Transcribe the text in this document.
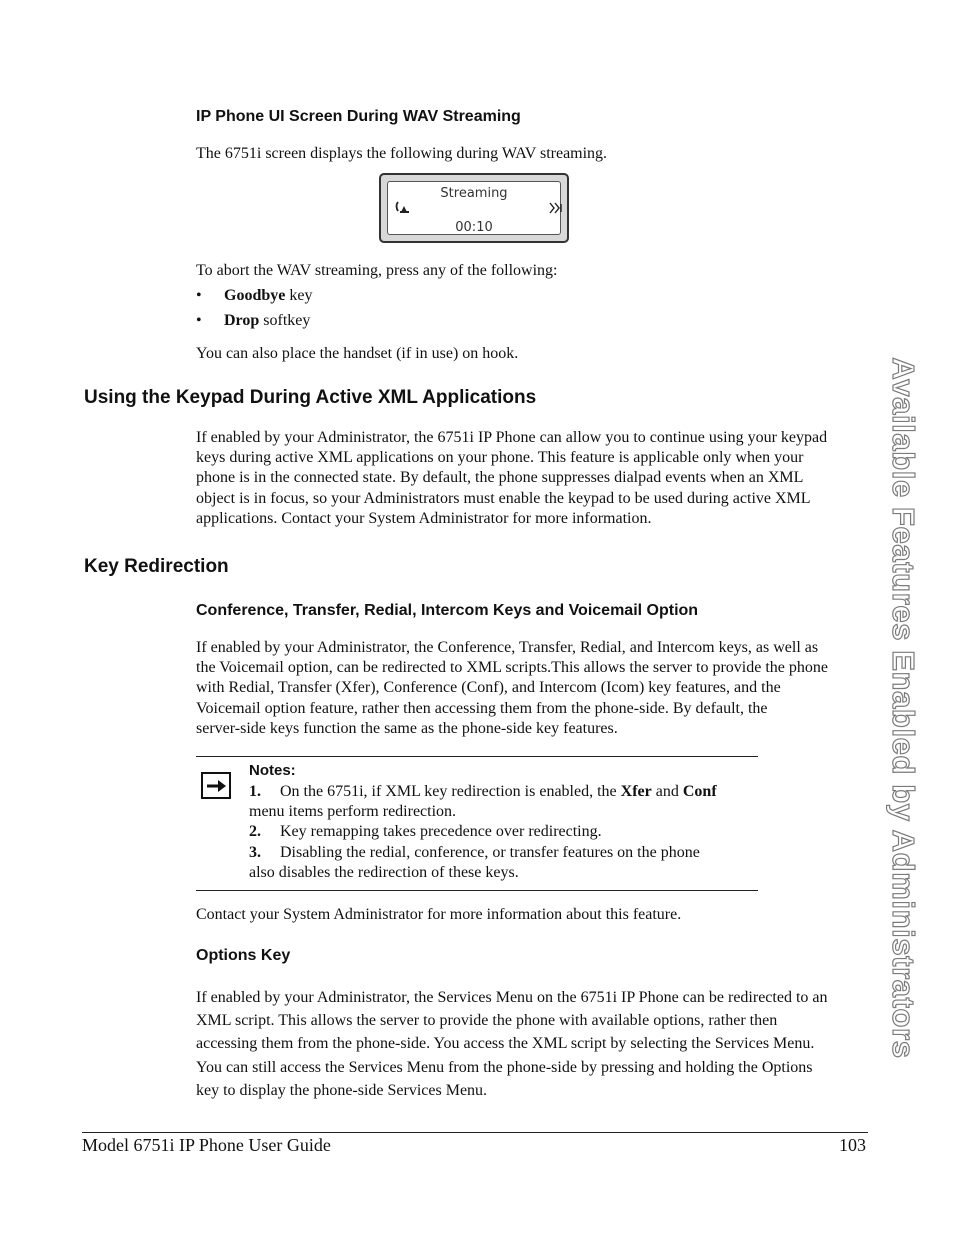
IP Phone UI Screen During WAV Streaming
The 6751i screen displays the following during WAV streaming.
Streaming
00:10
To abort the WAV streaming, press any of the following:
• Goodbye key
• Drop softkey
You can also place the handset (if in use) on hook.
Using the Keypad During Active XML Applications
If enabled by your Administrator, the 6751i IP Phone can allow you to continue using your keypad
keys during active XML applications on your phone. This feature is applicable only when your
phone is in the connected state. By default, the phone suppresses dialpad events when an XML
object is in focus, so your Administrators must enable the keypad to be used during active XML
applications. Contact your System Administrator for more information.
Key Redirection
Conference, Transfer, Redial, Intercom Keys and Voicemail Option
If enabled by your Administrator, the Conference, Transfer, Redial, and Intercom keys, as well as
the Voicemail option, can be redirected to XML scripts.This allows the server to provide the phone
with Redial, Transfer (Xfer), Conference (Conf), and Intercom (Icom) key features, and the
Voicemail option feature, rather then accessing them from the phone-side. By default, the
server-side keys function the same as the phone-side key features.
Notes:
1. On the 6751i, if XML key redirection is enabled, the Xfer and Conf
menu items perform redirection.
2. Key remapping takes precedence over redirecting.
3. Disabling the redial, conference, or transfer features on the phone
also disables the redirection of these keys.
Contact your System Administrator for more information about this feature.
Options Key
If enabled by your Administrator, the Services Menu on the 6751i IP Phone can be redirected to an
XML script. This allows the server to provide the phone with available options, rather then
accessing them from the phone-side. You access the XML script by selecting the Services Menu.
You can still access the Services Menu from the phone-side by pressing and holding the Options
key to display the phone-side Services Menu.
Available Features Enabled by Administrators
Model 6751i IP Phone User Guide	103
